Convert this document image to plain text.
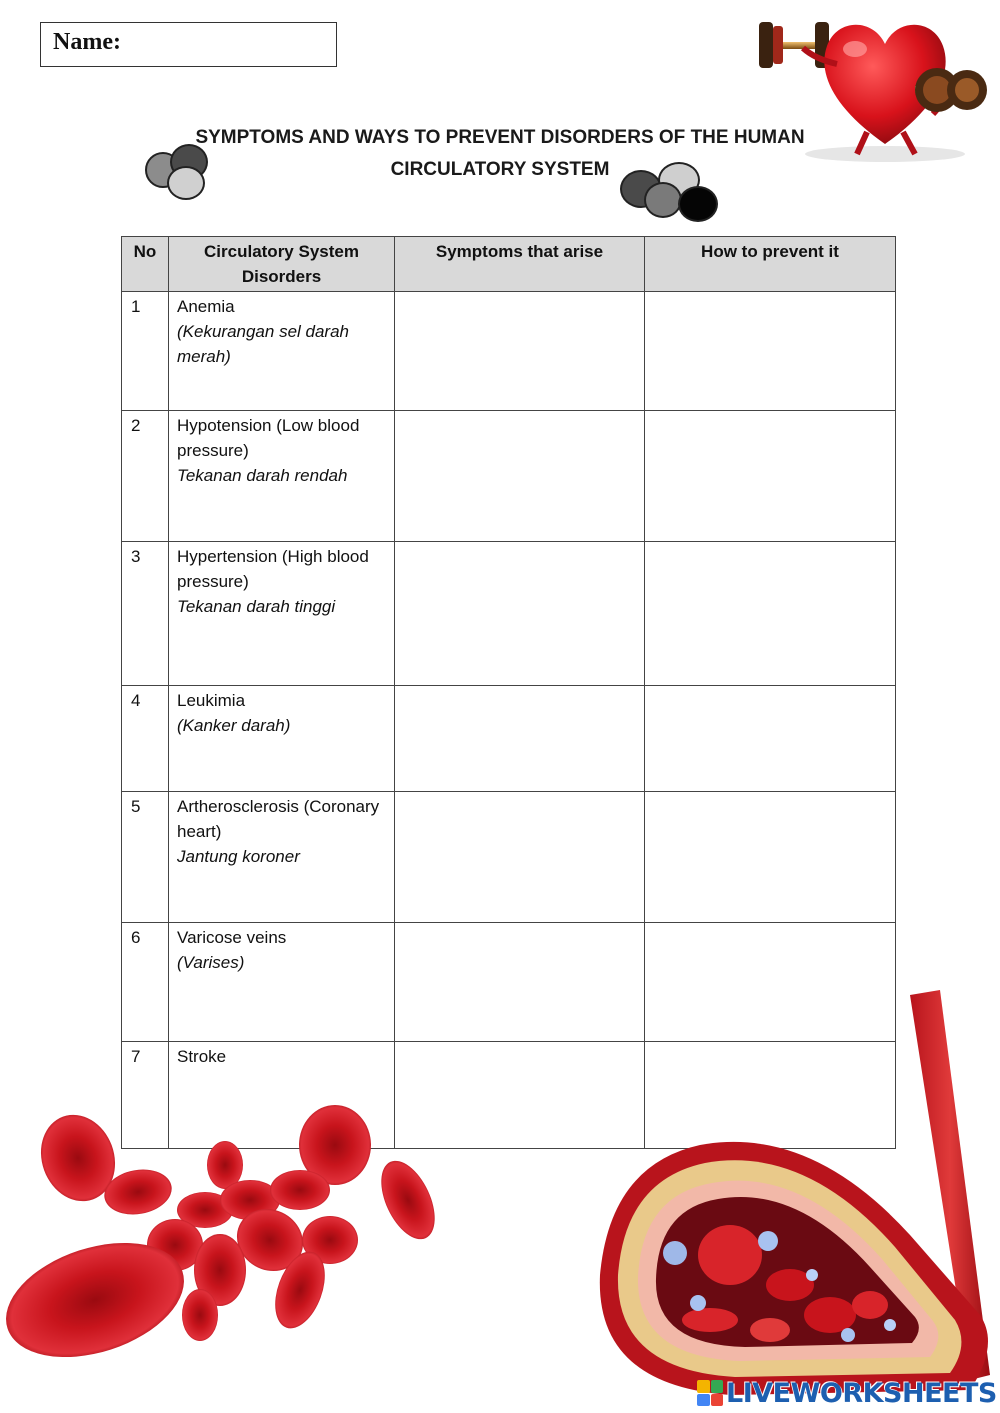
Name:
SYMPTOMS AND WAYS TO PREVENT DISORDERS OF THE HUMAN
CIRCULATORY SYSTEM
No	Circulatory System Disorders	Symptoms that arise	How to prevent it
1	Anemia
(Kekurangan sel darah merah)		

2	Hypotension (Low blood pressure)
Tekanan darah rendah		

3	Hypertension (High blood pressure)
Tekanan darah tinggi		

4	Leukimia
(Kanker darah)		

5	Artherosclerosis (Coronary heart)
Jantung koroner		

6	Varicose veins
(Varises)		

7	Stroke		

LIVEWORKSHEETS
